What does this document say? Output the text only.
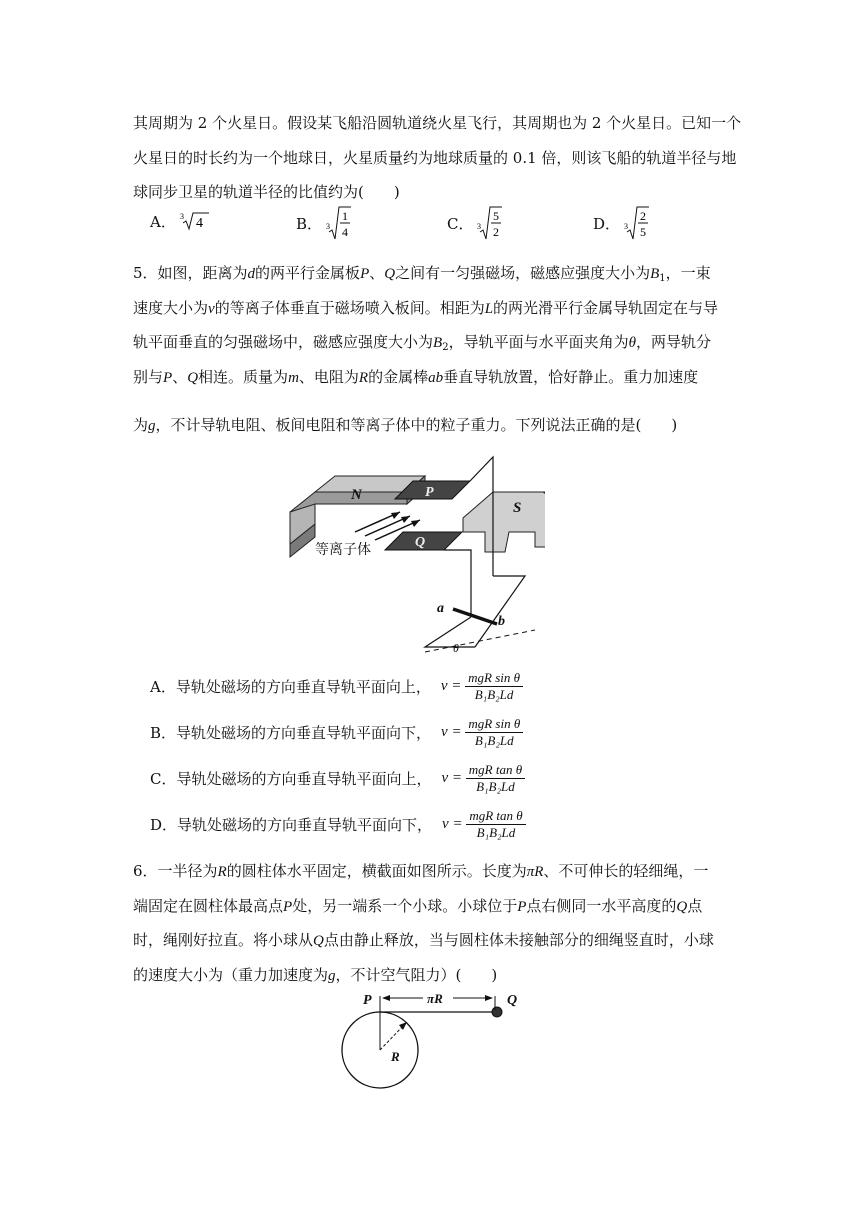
其周期为 2 个火星日。假设某飞船沿圆轨道绕火星飞行，其周期也为 2 个火星日。已知一个
火星日的时长约为一个地球日，火星质量约为地球质量的 0.1 倍，则该飞船的轨道半径与地
球同步卫星的轨道半径的比值约为(　　)
A． 3 4	B． 3
1
4	C． 3
5
2	D． 3
2
5
5．如图，距离为d的两平行金属板P、Q之间有一匀强磁场，磁感应强度大小为$B_1$，一束
速度大小为v的等离子体垂直于磁场喷入板间。相距为L的两光滑平行金属导轨固定在与导
轨平面垂直的匀强磁场中，磁感应强度大小为$B_2$，导轨平面与水平面夹角为θ，两导轨分
别与P、Q相连。质量为m、电阻为R的金属棒ab垂直导轨放置，恰好静止。重力加速度
为g，不计导轨电阻、板间电阻和等离子体中的粒子重力。下列说法正确的是(　　)
N	P
Q
等离子体
S
a
b
θ
A．导轨处磁场的方向垂直导轨平面向上， v =
$\frac{\text{mgR sin θ}}{\text{B₁B₂Ld}}$
B．导轨处磁场的方向垂直导轨平面向下， v =
$\frac{\text{mgR sin θ}}{\text{B₁B₂Ld}}$
C．导轨处磁场的方向垂直导轨平面向上， v =
$\frac{\text{mgR tan θ}}{\text{B₁B₂Ld}}$
D．导轨处磁场的方向垂直导轨平面向下， v =
$\frac{\text{mgR tan θ}}{\text{B₁B₂Ld}}$
6．一半径为R的圆柱体水平固定，横截面如图所示。长度为πR、不可伸长的轻细绳，一
端固定在圆柱体最高点P处，另一端系一个小球。小球位于P点右侧同一水平高度的Q点
时，绳刚好拉直。将小球从Q点由静止释放，当与圆柱体未接触部分的细绳竖直时，小球
的速度大小为（重力加速度为g，不计空气阻力）(　　)
πR
P	Q
R
